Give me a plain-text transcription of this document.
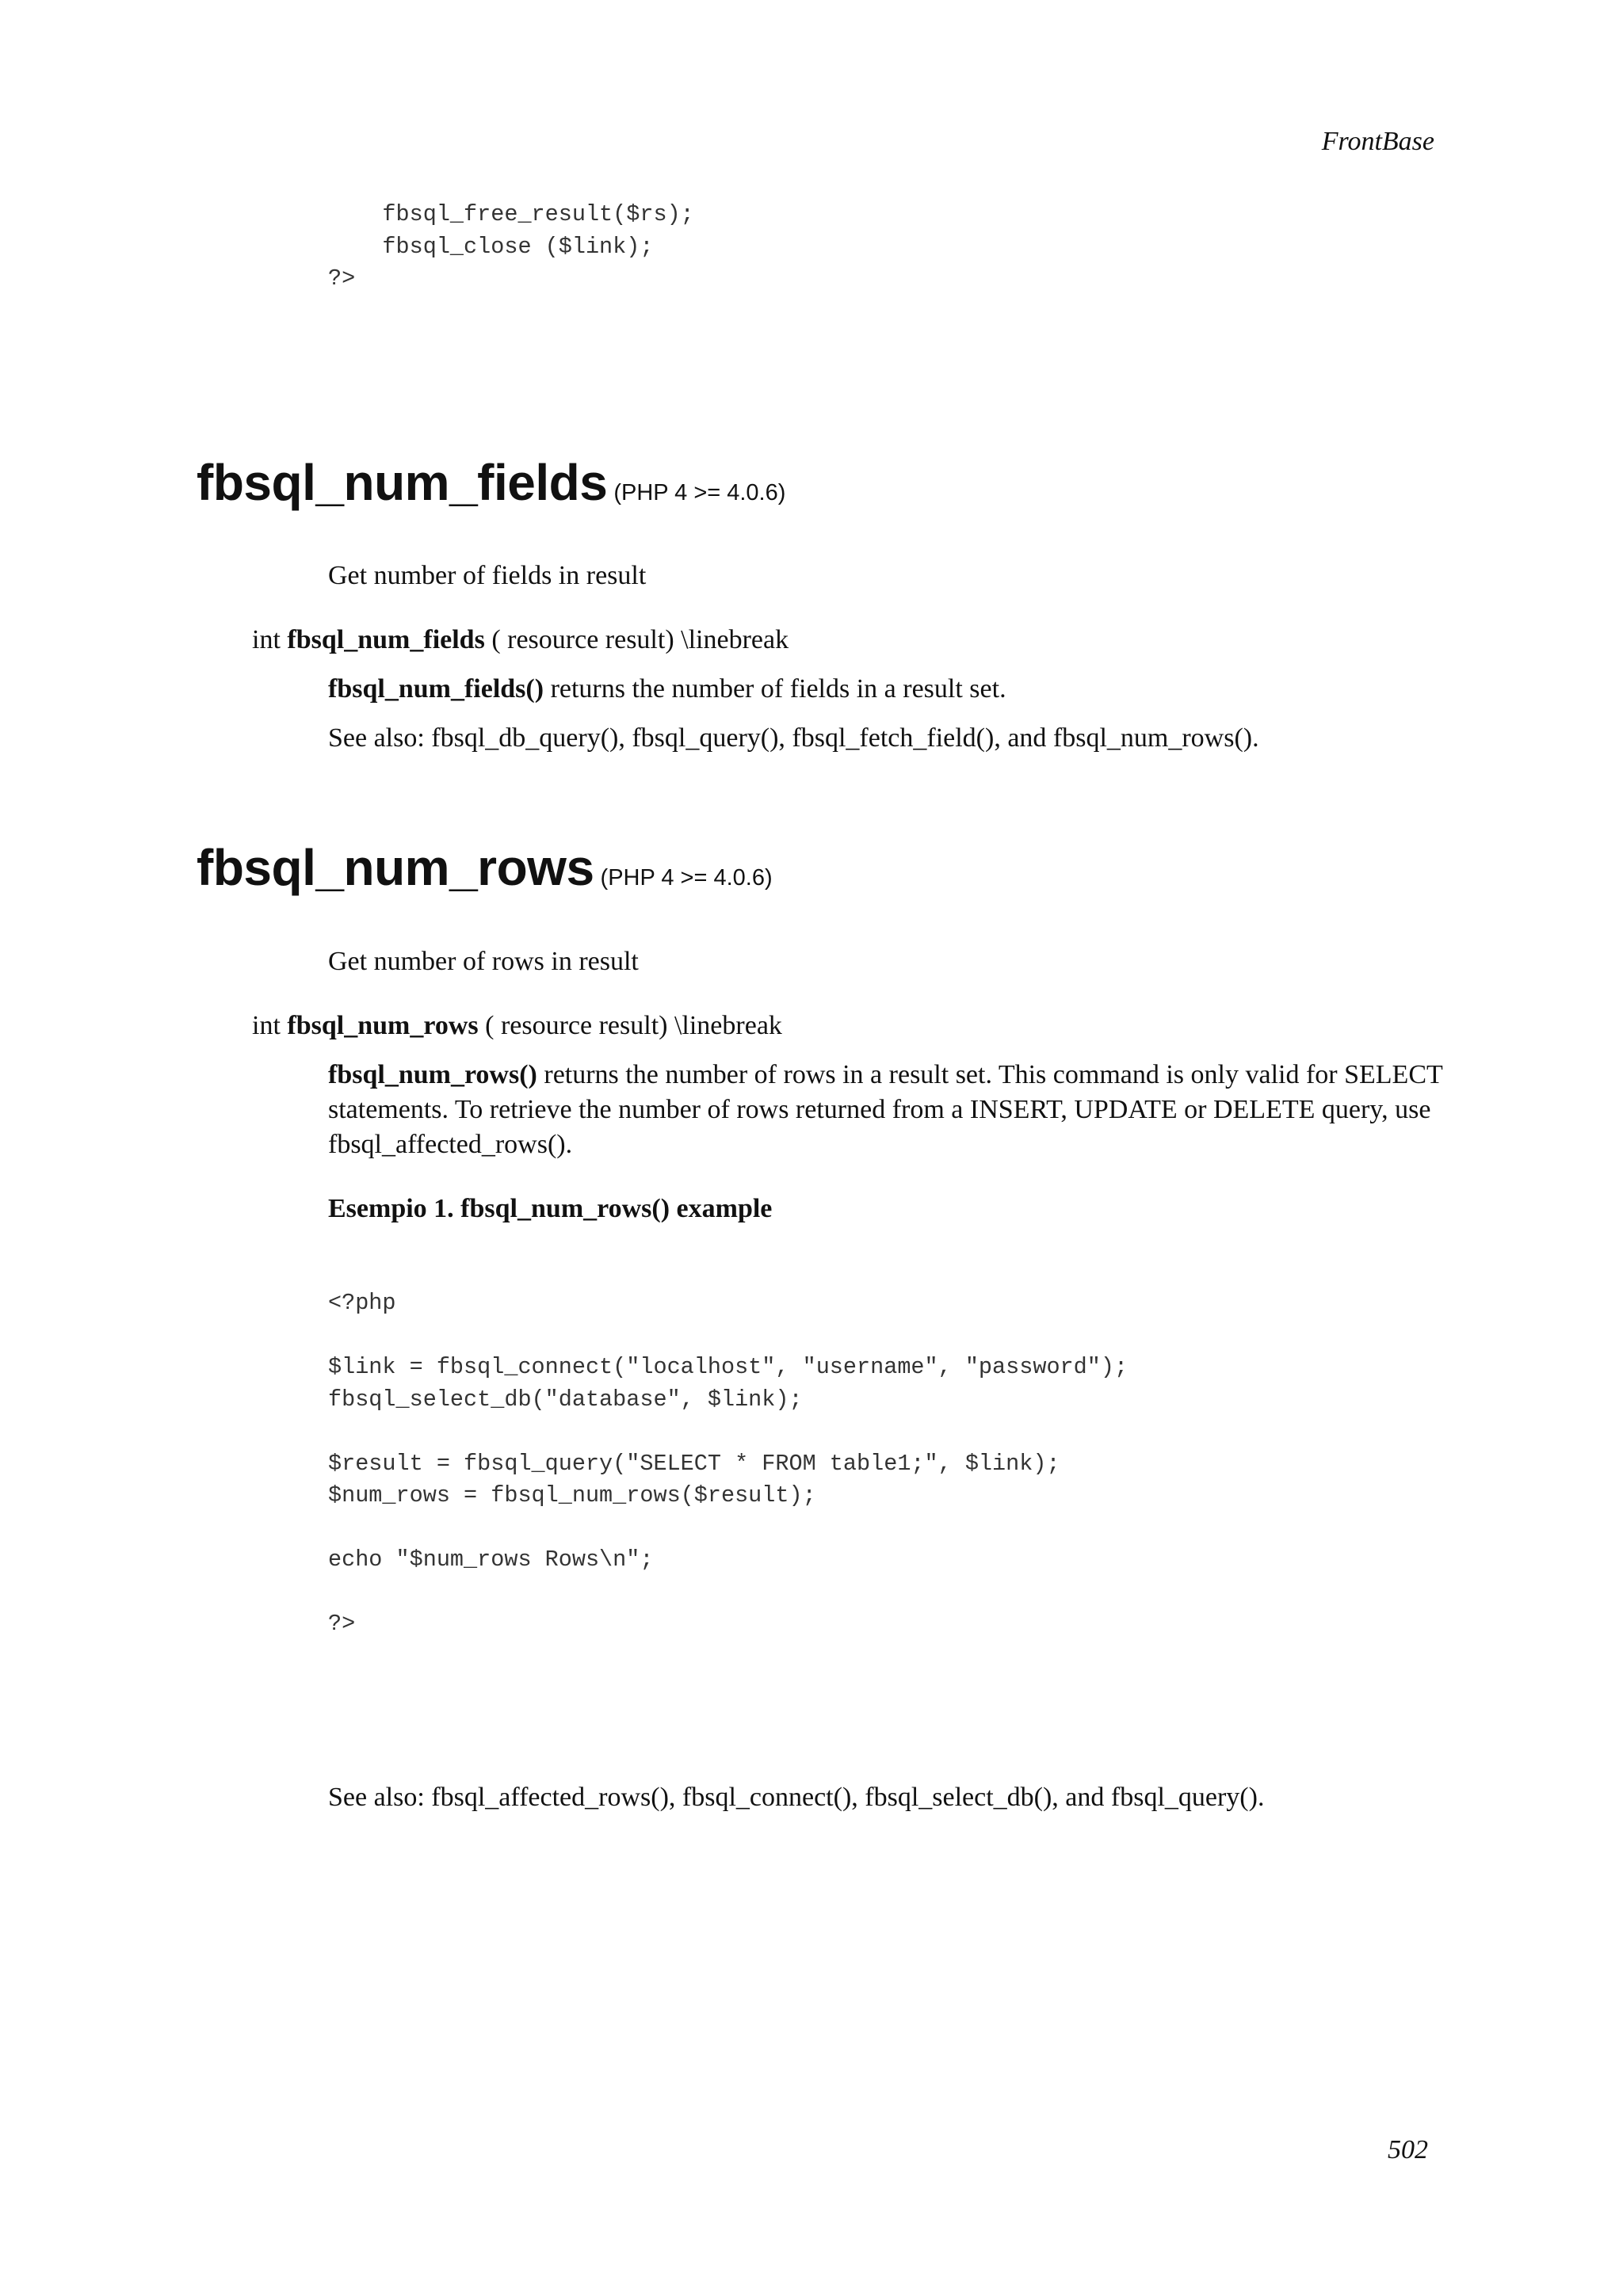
FrontBase
fbsql_free_result($rs);
fbsql_close ($link);
?>
fbsql_num_fields (PHP 4 >= 4.0.6)

Get number of fields in result

int fbsql_num_fields ( resource result) \linebreak

fbsql_num_fields() returns the number of fields in a result set.

See also: fbsql_db_query(), fbsql_query(), fbsql_fetch_field(), and fbsql_num_rows().

fbsql_num_rows (PHP 4 >= 4.0.6)

Get number of rows in result

int fbsql_num_rows ( resource result) \linebreak

fbsql_num_rows() returns the number of rows in a result set. This command is only valid for SELECT statements. To retrieve the number of rows returned from a INSERT, UPDATE or DELETE query, use fbsql_affected_rows().

Esempio 1. fbsql_num_rows() example

<?php

$link = fbsql_connect("localhost", "username", "password");
fbsql_select_db("database", $link);

$result = fbsql_query("SELECT * FROM table1;", $link);
$num_rows = fbsql_num_rows($result);

echo "$num_rows Rows\n";

?>

See also: fbsql_affected_rows(), fbsql_connect(), fbsql_select_db(), and fbsql_query().

502
